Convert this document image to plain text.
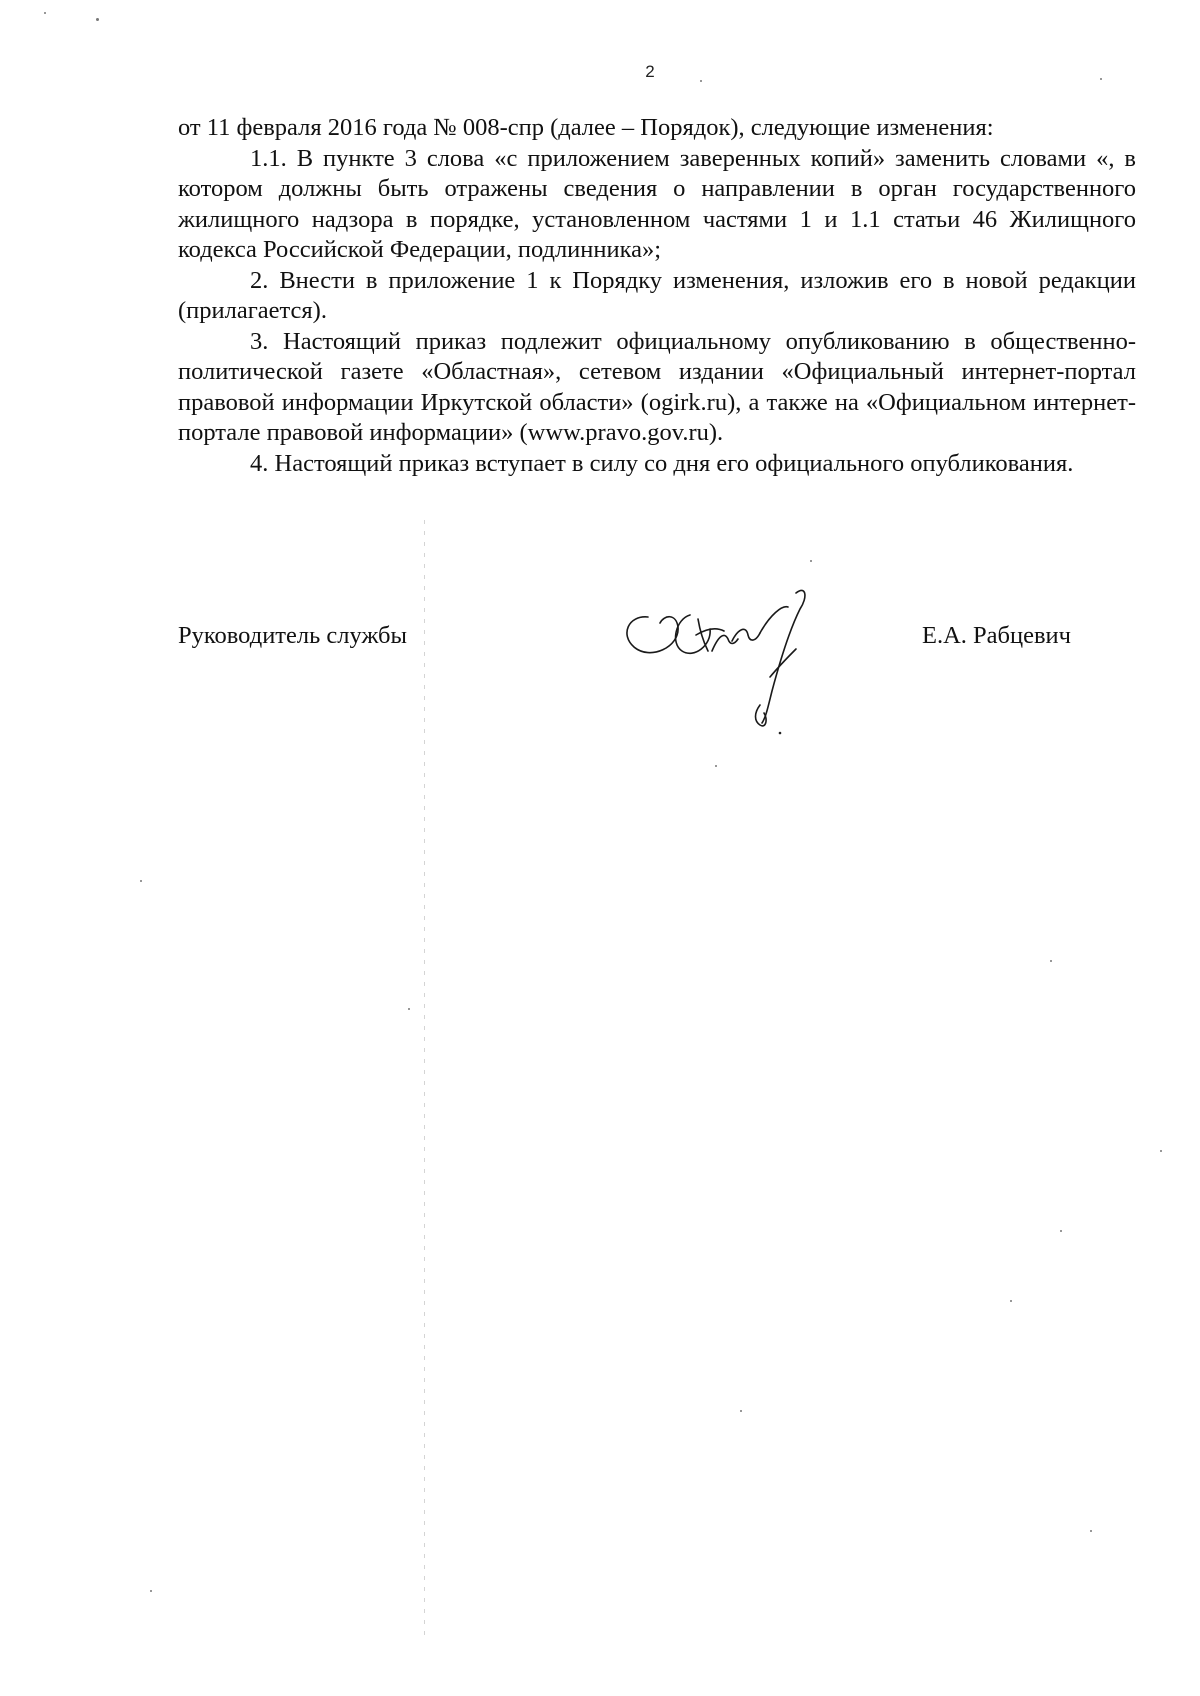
2

от 11 февраля 2016 года № 008-спр (далее – Порядок), следующие изменения:

1.1. В пункте 3 слова «с приложением заверенных копий» заменить словами «, в котором должны быть отражены сведения о направлении в орган государственного жилищного надзора в порядке, установленном частями 1 и 1.1 статьи 46 Жилищного кодекса Российской Федерации, подлинника»;

2. Внести в приложение 1 к Порядку изменения, изложив его в новой редакции (прилагается).

3. Настоящий приказ подлежит официальному опубликованию в общественно-политической газете «Областная», сетевом издании «Официальный интернет-портал правовой информации Иркутской области» (ogirk.ru), а также на «Официальном интернет-портале правовой информации» (www.pravo.gov.ru).

4. Настоящий приказ вступает в силу со дня его официального опубликования.

Руководитель службы	Е.А. Рабцевич
